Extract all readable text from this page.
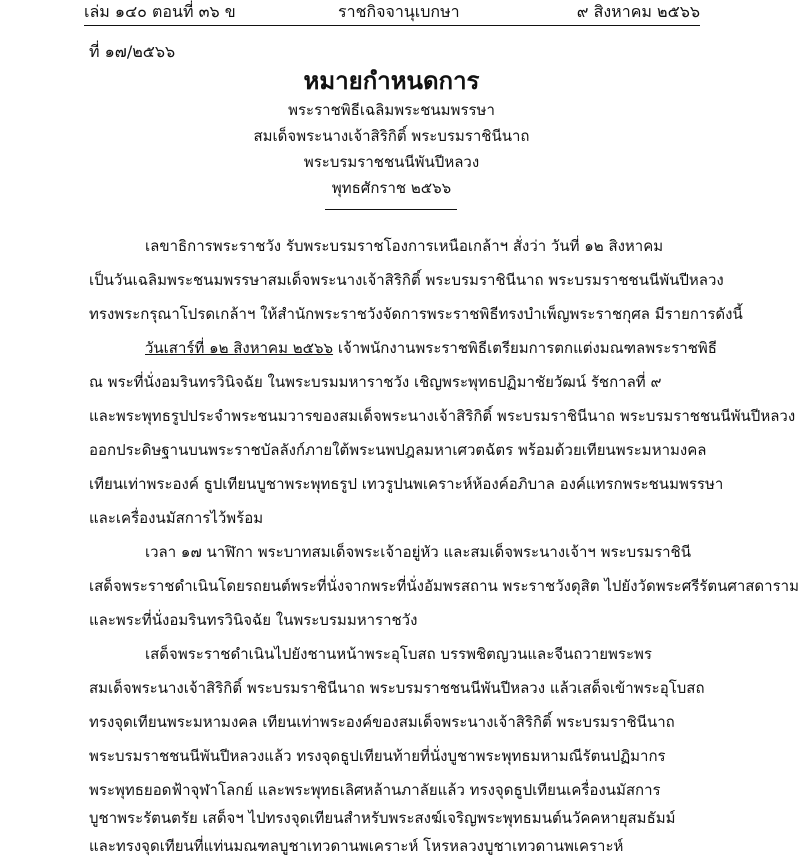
เล่ม ๑๔๐ ตอนที่ ๓๖ ข	ราชกิจจานุเบกษา	๙ สิงหาคม ๒๕๖๖
ที่ ๑๗/๒๕๖๖
หมายกำหนดการ
พระราชพิธีเฉลิมพระชนมพรรษา
สมเด็จพระนางเจ้าสิริกิติ์ พระบรมราชินีนาถ
พระบรมราชชนนีพันปีหลวง
พุทธศักราช ๒๕๖๖
เลขาธิการพระราชวัง รับพระบรมราชโองการเหนือเกล้าฯ สั่งว่า วันที่ ๑๒ สิงหาคม
เป็นวันเฉลิมพระชนมพรรษาสมเด็จพระนางเจ้าสิริกิติ์ พระบรมราชินีนาถ พระบรมราชชนนีพันปีหลวง
ทรงพระกรุณาโปรดเกล้าฯ ให้สำนักพระราชวังจัดการพระราชพิธีทรงบำเพ็ญพระราชกุศล มีรายการดังนี้
วันเสาร์ที่ ๑๒ สิงหาคม ๒๕๖๖ เจ้าพนักงานพระราชพิธีเตรียมการตกแต่งมณฑลพระราชพิธี
ณ พระที่นั่งอมรินทรวินิจฉัย ในพระบรมมหาราชวัง เชิญพระพุทธปฏิมาชัยวัฒน์ รัชกาลที่ ๙
และพระพุทธรูปประจำพระชนมวารของสมเด็จพระนางเจ้าสิริกิติ์ พระบรมราชินีนาถ พระบรมราชชนนีพันปีหลวง
ออกประดิษฐานบนพระราชบัลลังก์ภายใต้พระนพปฎลมหาเศวตฉัตร พร้อมด้วยเทียนพระมหามงคล
เทียนเท่าพระองค์ ธูปเทียนบูชาพระพุทธรูป เทวรูปนพเคราะห์ห้องค์อภิบาล องค์แทรกพระชนมพรรษา
และเครื่องนมัสการไว้พร้อม
เวลา ๑๗ นาฬิกา พระบาทสมเด็จพระเจ้าอยู่หัว และสมเด็จพระนางเจ้าฯ พระบรมราชินี
เสด็จพระราชดำเนินโดยรถยนต์พระที่นั่งจากพระที่นั่งอัมพรสถาน พระราชวังดุสิต ไปยังวัดพระศรีรัตนศาสดาราม
และพระที่นั่งอมรินทรวินิจฉัย ในพระบรมมหาราชวัง
เสด็จพระราชดำเนินไปยังชานหน้าพระอุโบสถ บรรพชิตญวนและจีนถวายพระพร
สมเด็จพระนางเจ้าสิริกิติ์ พระบรมราชินีนาถ พระบรมราชชนนีพันปีหลวง แล้วเสด็จเข้าพระอุโบสถ
ทรงจุดเทียนพระมหามงคล เทียนเท่าพระองค์ของสมเด็จพระนางเจ้าสิริกิติ์ พระบรมราชินีนาถ
พระบรมราชชนนีพันปีหลวงแล้ว ทรงจุดธูปเทียนท้ายที่นั่งบูชาพระพุทธมหามณีรัตนปฏิมากร
พระพุทธยอดฟ้าจุฬาโลกย์ และพระพุทธเลิศหล้านภาลัยแล้ว ทรงจุดธูปเทียนเครื่องนมัสการ
บูชาพระรัตนตรัย เสด็จฯ ไปทรงจุดเทียนสำหรับพระสงฆ์เจริญพระพุทธมนต์นวัคคหายุสมธัมม์
และทรงจุดเทียนที่แท่นมณฑลบูชาเทวดานพเคราะห์ โหรหลวงบูชาเทวดานพเคราะห์
